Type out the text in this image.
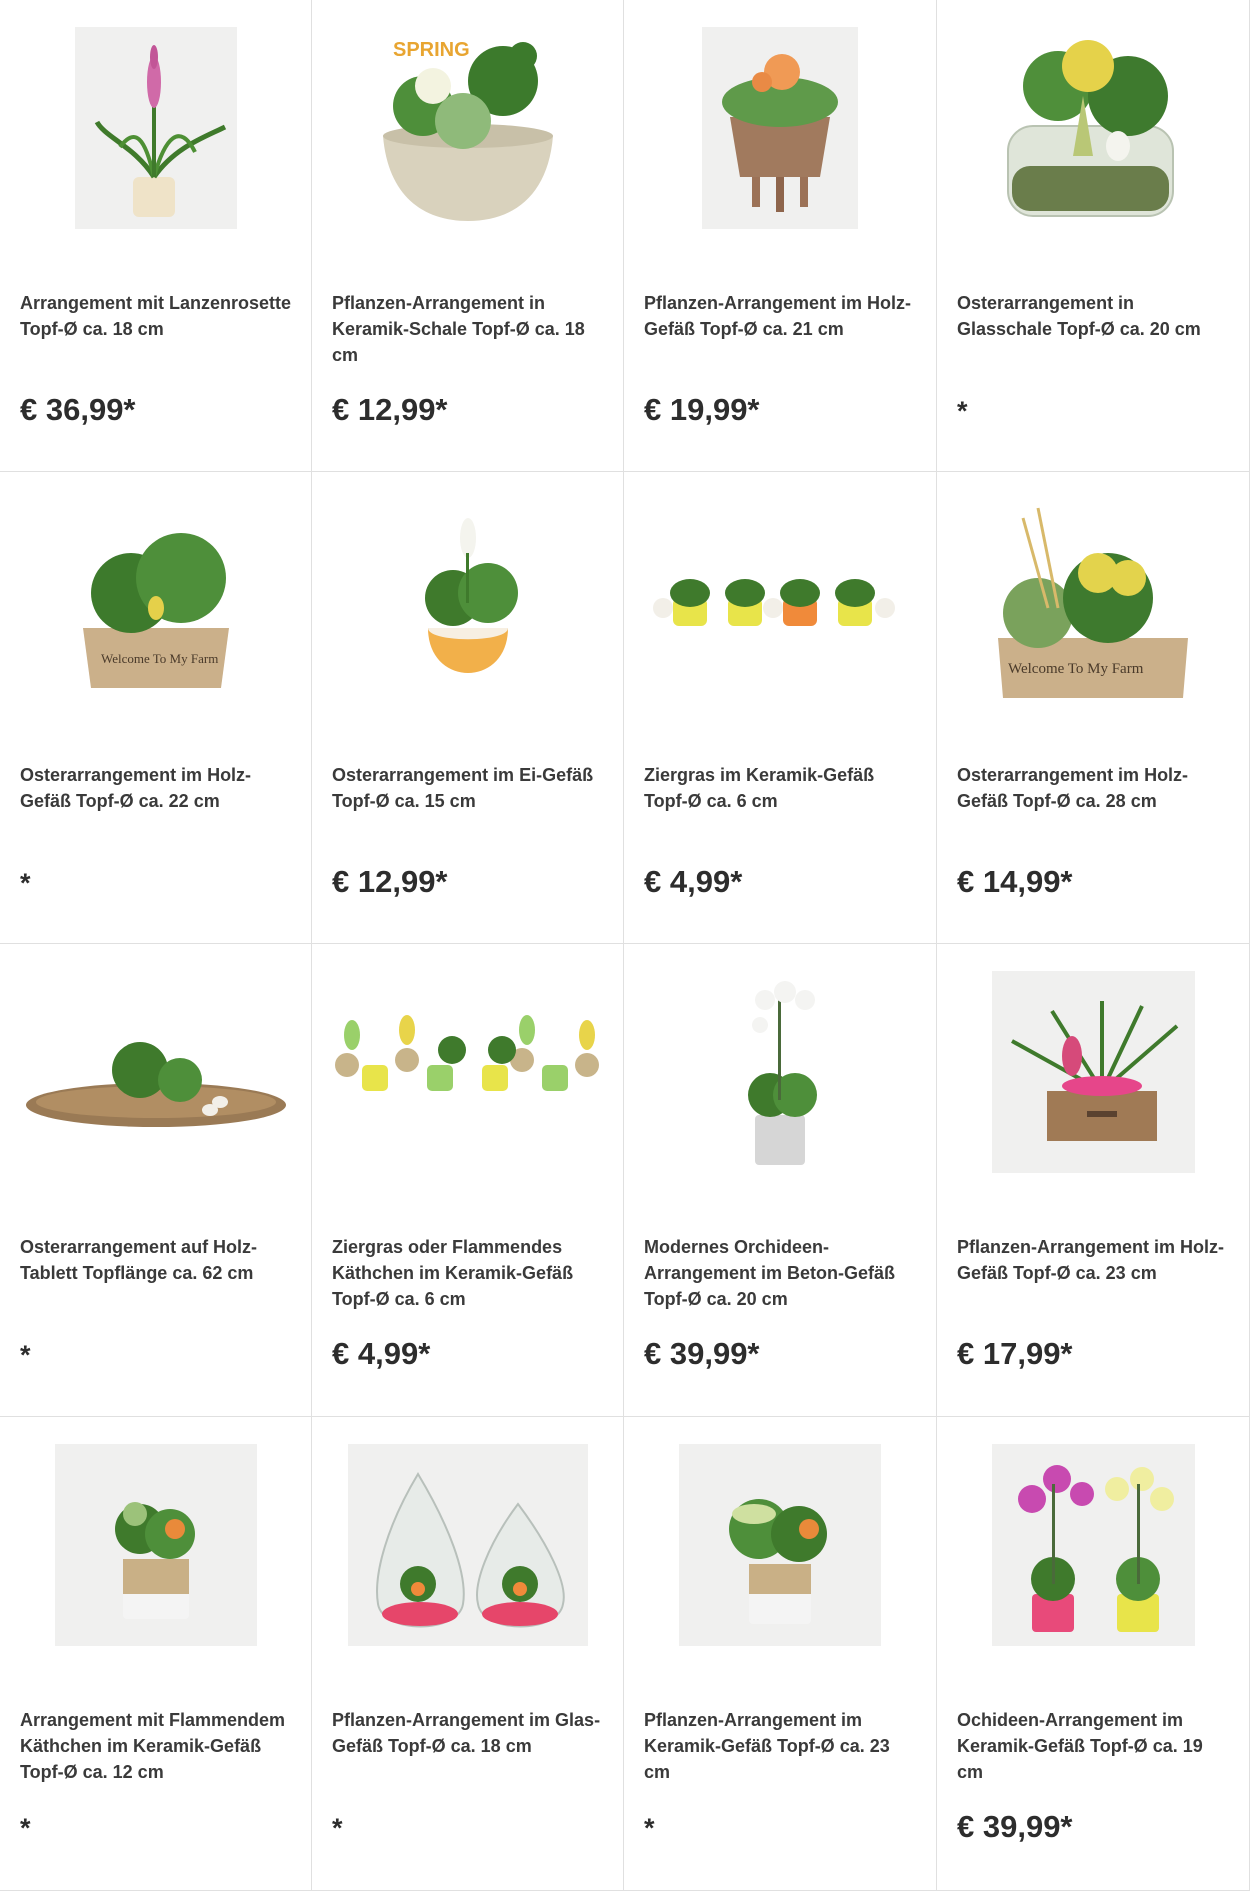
Arrangement mit Lanzenrosette Topf-Ø ca. 18 cm
€ 36,99*
SPRING
Pflanzen-Arrangement in Keramik-Schale Topf-Ø ca. 18 cm
€ 12,99*
Pflanzen-Arrangement im Holz-Gefäß Topf-Ø ca. 21 cm
€ 19,99*
Osterarrangement in Glasschale Topf-Ø ca. 20 cm
*
Welcome To My Farm
Osterarrangement im Holz-Gefäß Topf-Ø ca. 22 cm
*
Osterarrangement im Ei-Gefäß Topf-Ø ca. 15 cm
€ 12,99*
Ziergras im Keramik-Gefäß Topf-Ø ca. 6 cm
€ 4,99*
Welcome To My Farm
Osterarrangement im Holz-Gefäß Topf-Ø ca. 28 cm
€ 14,99*
Osterarrangement auf Holz-Tablett Topflänge ca. 62 cm
*
Ziergras oder Flammendes Käthchen im Keramik-Gefäß Topf-Ø ca. 6 cm
€ 4,99*
Modernes Orchideen-Arrangement im Beton-Gefäß Topf-Ø ca. 20 cm
€ 39,99*
Pflanzen-Arrangement im Holz-Gefäß Topf-Ø ca. 23 cm
€ 17,99*
Arrangement mit Flammendem Käthchen im Keramik-Gefäß Topf-Ø ca. 12 cm
*
Pflanzen-Arrangement im Glas-Gefäß Topf-Ø ca. 18 cm
*
Pflanzen-Arrangement im Keramik-Gefäß Topf-Ø ca. 23 cm
*
Ochideen-Arrangement im Keramik-Gefäß Topf-Ø ca. 19 cm
€ 39,99*
